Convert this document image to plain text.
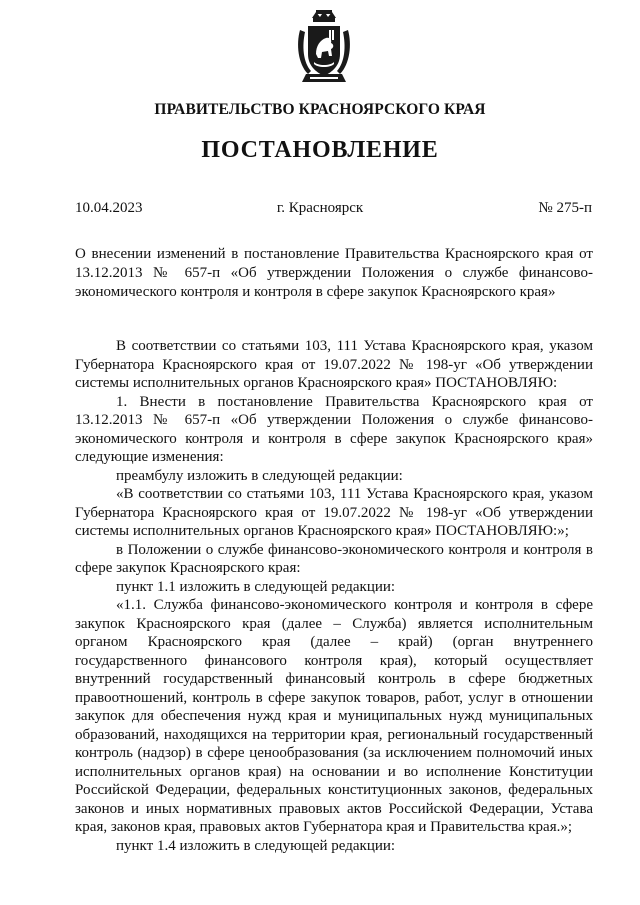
ПРАВИТЕЛЬСТВО КРАСНОЯРСКОГО КРАЯ
ПОСТАНОВЛЕНИЕ
10.04.2023	г. Красноярск	№ 275-п
О внесении изменений в постановление Правительства Красноярского края от 13.12.2013 № 657-п «Об утверждении Положения о службе финансово-экономического контроля и контроля в сфере закупок Красноярского края»

В соответствии со статьями 103, 111 Устава Красноярского края, указом Губернатора Красноярского края от 19.07.2022 № 198-уг «Об утверждении системы исполнительных органов Красноярского края» ПОСТАНОВЛЯЮ:

1. Внести в постановление Правительства Красноярского края от 13.12.2013 № 657-п «Об утверждении Положения о службе финансово-экономического контроля и контроля в сфере закупок Красноярского края» следующие изменения:

преамбулу изложить в следующей редакции:

«В соответствии со статьями 103, 111 Устава Красноярского края, указом Губернатора Красноярского края от 19.07.2022 № 198-уг «Об утверждении системы исполнительных органов Красноярского края» ПОСТАНОВЛЯЮ:»;

в Положении о службе финансово-экономического контроля и контроля в сфере закупок Красноярского края:

пункт 1.1 изложить в следующей редакции:

«1.1. Служба финансово-экономического контроля и контроля в сфере закупок Красноярского края (далее – Служба) является исполнительным органом Красноярского края (далее – край) (орган внутреннего государственного финансового контроля края), который осуществляет внутренний государственный финансовый контроль в сфере бюджетных правоотношений, контроль в сфере закупок товаров, работ, услуг в отношении закупок для обеспечения нужд края и муниципальных нужд муниципальных образований, находящихся на территории края, региональный государственный контроль (надзор) в сфере ценообразования (за исключением полномочий иных исполнительных органов края) на основании и во исполнение Конституции Российской Федерации, федеральных конституционных законов, федеральных законов и иных нормативных правовых актов Российской Федерации, Устава края, законов края, правовых актов Губернатора края и Правительства края.»;

пункт 1.4 изложить в следующей редакции:
